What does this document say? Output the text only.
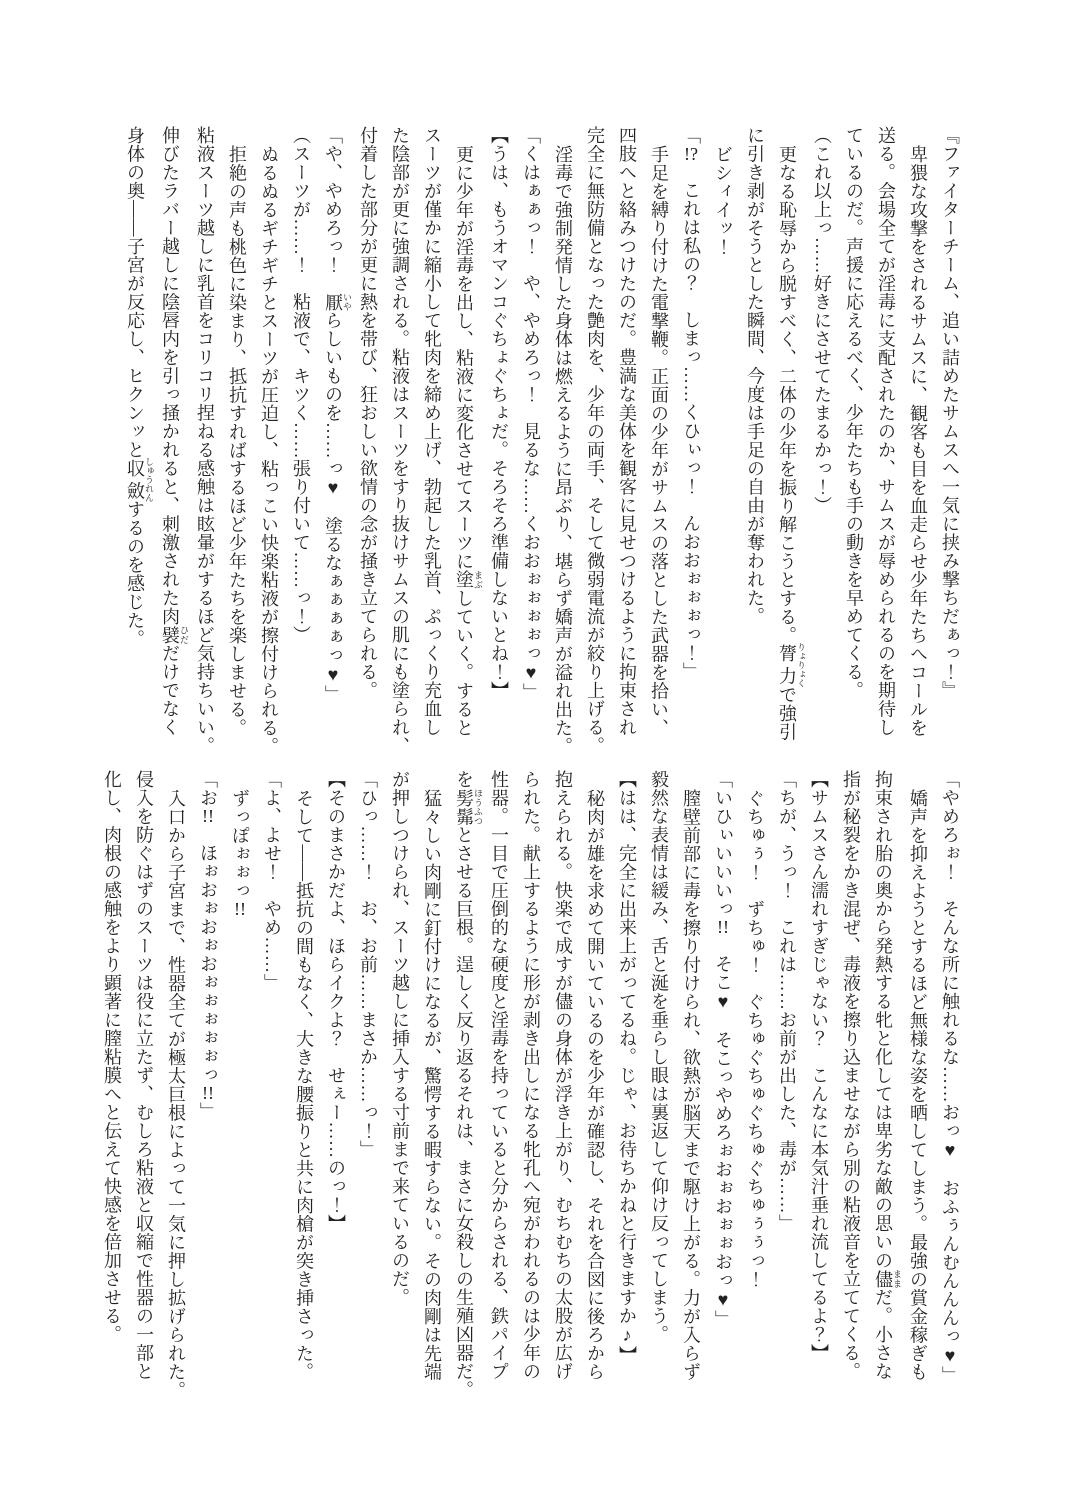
『ファイターチーム、追い詰めたサムスへ一気に挟み撃ちだぁっ！』

卑猥な攻撃をされるサムスに、観客も目を血走らせ少年たちへコールを

送る。会場全てが淫毒に支配されたのか、サムスが辱められるのを期待し

ているのだ。声援に応えるべく、少年たちも手の動きを早めてくる。

（これ以上っ……好きにさせてたまるかっ！）

更なる恥辱から脱すべく、二体の少年を振り解こうとする。膂力 りょりょくで強引

に引き剥がそうとした瞬間、今度は手足の自由が奪われた。

ビシィイッ！

「!?　これは私の？　しまっ……くひぃっ！　んおおぉぉぉっ！」

手足を縛り付けた電撃鞭。正面の少年がサムスの落とした武器を拾い、

四肢へと絡みつけたのだ。豊満な美体を観客に見せつけるように拘束され

完全に無防備となった艶肉を、少年の両手、そして微弱電流が絞り上げる。

淫毒で強制発情した身体は燃えるように昂ぶり、堪らず嬌声が溢れ出た。

「くはぁぁっ！　や、やめろっ！　見るな……くおおぉぉぉぉっ♥」

【うは、もうオマンコぐちょぐちょだ。そろそろ準備しないとね！】

更に少年が淫毒を出し、粘液に変化させてスーツに塗 まぶしていく。すると

スーツが僅かに縮小して牝肉を締め上げ、勃起した乳首、ぷっくり充血し

た陰部が更に強調される。粘液はスーツをすり抜けサムスの肌にも塗られ、

付着した部分が更に熱を帯び、狂おしい欲情の念が掻き立てられる。

「や、やめろっ！　厭 いやらしいものを……っ♥　塗るなぁぁぁぁっ♥」

（スーツが……！　粘液で、キツく……張り付いて……っ！）

ぬるぬるギチギチとスーツが圧迫し、粘っこい快楽粘液が擦付けられる。

拒絶の声も桃色に染まり、抵抗すればするほど少年たちを楽しませる。

粘液スーツ越しに乳首をコリコリ捏ねる感触は眩暈がするほど気持ちいい。

伸びたラバー越しに陰唇内を引っ掻かれると、刺激された肉襞 ひだだけでなく

身体の奥――子宮が反応し、ヒクンッと収斂 しゅうれんするのを感じた。

「やめろぉ！　そんな所に触れるな……おっ♥　おふぅんむんんんっ♥」

嬌声を抑えようとするほど無様な姿を晒してしまう。最強の賞金稼ぎも

拘束され胎の奥から発熱する牝と化しては卑劣な敵の思いの儘 ままだ。小さな

指が秘裂をかき混ぜ、毒液を擦り込ませながら別の粘液音を立ててくる。

【サムスさん濡れすぎじゃない？　こんなに本気汁垂れ流してるよ？】

「ちが、うっ！　これは……お前が出した、毒が……」

ぐちゅぅ！　ずちゅ！　ぐちゅぐちゅぐちゅぐちゅぅぅっ！

「いひぃいいいっ!!　そこ♥　そこっやめろぉおぉおぉぉおっ♥」

膣壁前部に毒を擦り付けられ、欲熱が脳天まで駆け上がる。力が入らず

毅然な表情は緩み、舌と涎を垂らし眼は裏返して仰け反ってしまう。

【はは、完全に出来上がってるね。じゃ、お待ちかねと行きますか♪】

秘肉が雄を求めて開いているのを少年が確認し、それを合図に後ろから

抱えられる。快楽で成すが儘の身体が浮き上がり、むちむちの太股が広げ

られた。献上するように形が剥き出しになる牝孔へ宛がわれるのは少年の

性器。一目で圧倒的な硬度と淫毒を持っていると分からされる、鉄パイプ

を髣髴 ほうふつとさせる巨根。逞しく反り返るそれは、まさに女殺しの生殖凶器だ。

猛々しい肉剛に釘付けになるが、驚愕する暇すらない。その肉剛は先端

が押しつけられ、スーツ越しに挿入する寸前まで来ているのだ。

「ひっ……！　お、お前……まさか……っ！」

【そのまさかだよ、ほらイクよ？　せぇー……のっ！】

そして――抵抗の間もなく、大きな腰振りと共に肉槍が突き挿さった。

「よ、よせ！　やめ……」

ずっぽぉぉっ!!

「お!!　ほぉおぉおぉおぉぉぉぉぉっ!!」

入口から子宮まで、性器全てが極太巨根によって一気に押し拡げられた。

侵入を防ぐはずのスーツは役に立たず、むしろ粘液と収縮で性器の一部と

化し、肉根の感触をより顕著に膣粘膜へと伝えて快感を倍加させる。
